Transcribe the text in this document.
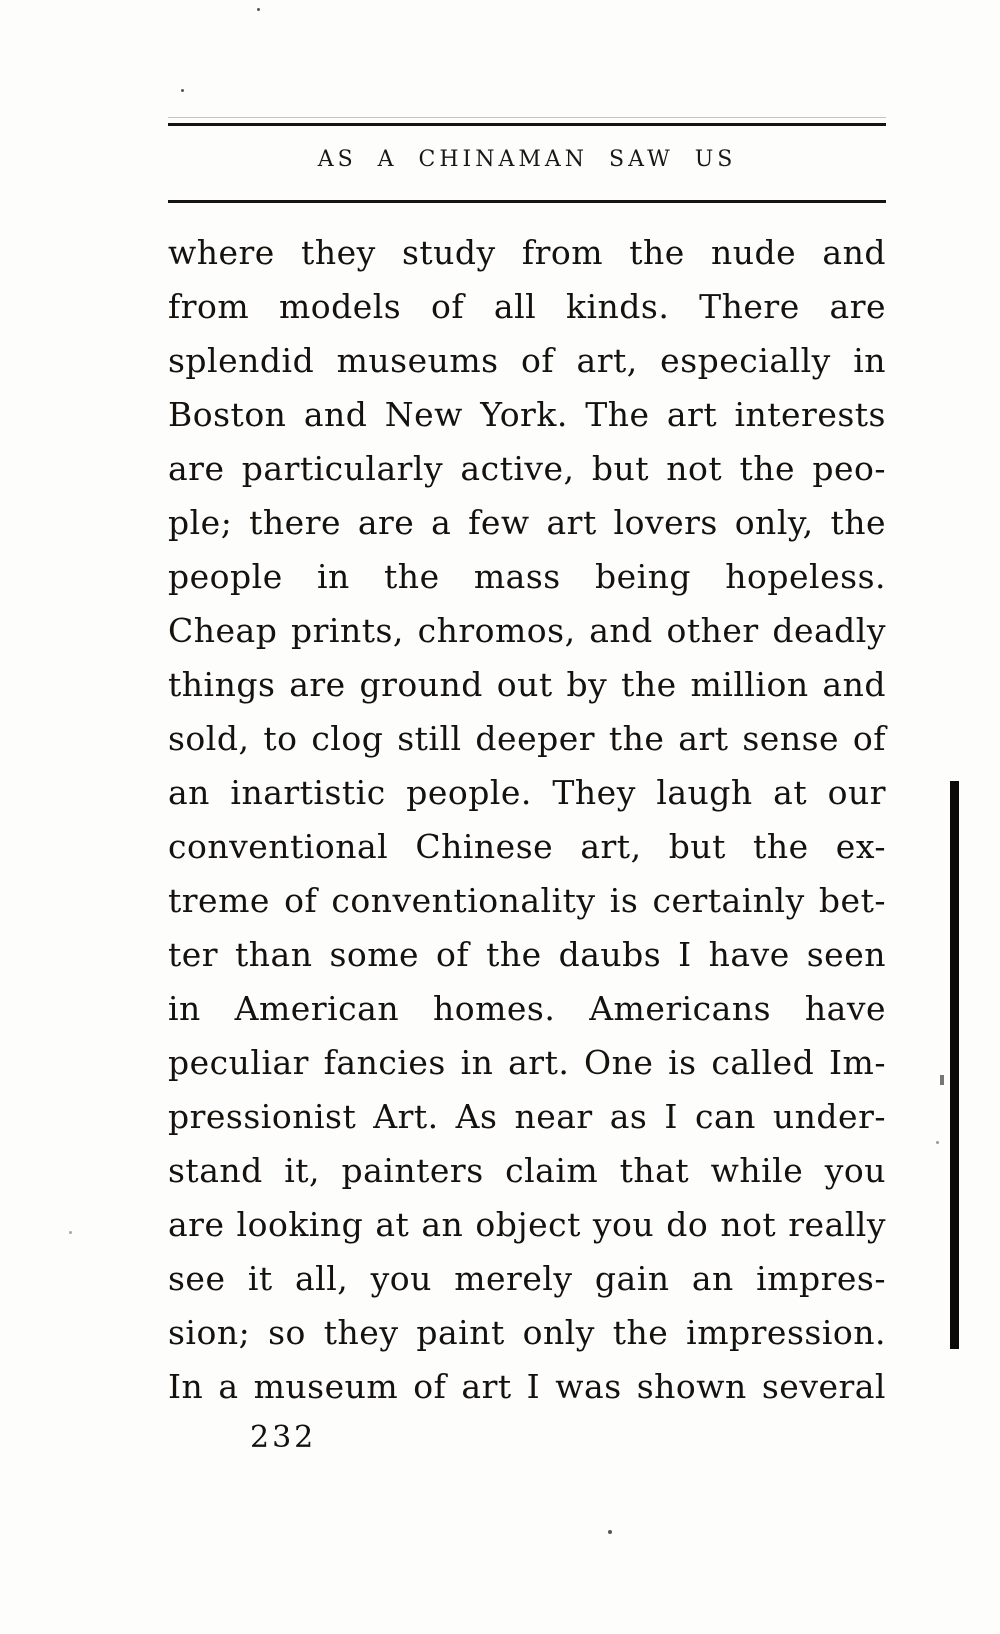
AS A CHINAMAN SAW US
where they study from the nude and
from models of all kinds. There are
splendid museums of art, especially in
Boston and New York. The art interests
are particularly active, but not the peo-
ple; there are a few art lovers only, the
people in the mass being hopeless.
Cheap prints, chromos, and other deadly
things are ground out by the million and
sold, to clog still deeper the art sense of
an inartistic people. They laugh at our
conventional Chinese art, but the ex-
treme of conventionality is certainly bet-
ter than some of the daubs I have seen
in American homes. Americans have
peculiar fancies in art. One is called Im-
pressionist Art. As near as I can under-
stand it, painters claim that while you
are looking at an object you do not really
see it all, you merely gain an impres-
sion; so they paint only the impression.
In a museum of art I was shown several
232
